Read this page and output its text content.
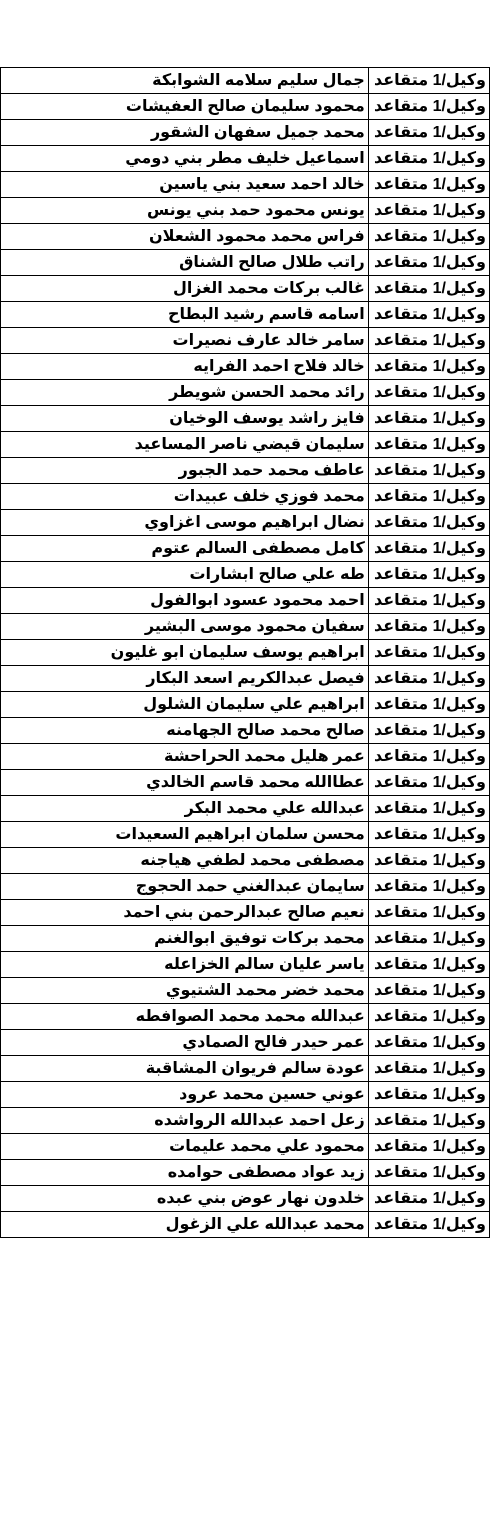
وكيل/1 متقاعد	جمال سليم سلامه الشوابكة
وكيل/1 متقاعد	محمود سليمان صالح العفيشات
وكيل/1 متقاعد	محمد جميل سفهان الشقور
وكيل/1 متقاعد	اسماعيل خليف مطر بني دومي
وكيل/1 متقاعد	خالد احمد سعيد بني ياسين
وكيل/1 متقاعد	يونس محمود حمد بني يونس
وكيل/1 متقاعد	فراس محمد محمود الشعلان
وكيل/1 متقاعد	راتب طلال صالح الشناق
وكيل/1 متقاعد	غالب بركات محمد الغزال
وكيل/1 متقاعد	اسامه قاسم رشيد البطاح
وكيل/1 متقاعد	سامر خالد عارف نصيرات
وكيل/1 متقاعد	خالد فلاح احمد الفرايه
وكيل/1 متقاعد	رائد محمد الحسن شويطر
وكيل/1 متقاعد	فايز راشد يوسف الوخيان
وكيل/1 متقاعد	سليمان قيضي ناصر المساعيد
وكيل/1 متقاعد	عاطف محمد حمد الجبور
وكيل/1 متقاعد	محمد فوزي خلف عبيدات
وكيل/1 متقاعد	نضال ابراهيم موسى اغزاوي
وكيل/1 متقاعد	كامل مصطفى السالم عتوم
وكيل/1 متقاعد	طه علي صالح ابشارات
وكيل/1 متقاعد	احمد محمود عسود ابوالفول
وكيل/1 متقاعد	سفيان محمود موسى البشير
وكيل/1 متقاعد	ابراهيم يوسف سليمان ابو غليون
وكيل/1 متقاعد	فيصل عبدالكريم اسعد البكار
وكيل/1 متقاعد	ابراهيم علي سليمان الشلول
وكيل/1 متقاعد	صالح محمد صالح الجهامنه
وكيل/1 متقاعد	عمر هليل محمد الحراحشة
وكيل/1 متقاعد	عطاالله محمد قاسم الخالدي
وكيل/1 متقاعد	عبدالله علي محمد البكر
وكيل/1 متقاعد	محسن سلمان ابراهيم السعيدات
وكيل/1 متقاعد	مصطفى محمد لطفي هياجنه
وكيل/1 متقاعد	سايمان عبدالغني حمد الحجوج
وكيل/1 متقاعد	نعيم صالح عبدالرحمن بني احمد
وكيل/1 متقاعد	محمد بركات توفيق ابوالغنم
وكيل/1 متقاعد	ياسر عليان سالم الخزاعله
وكيل/1 متقاعد	محمد خضر محمد الشتيوي
وكيل/1 متقاعد	عبدالله محمد محمد الصوافطه
وكيل/1 متقاعد	عمر حيدر فالح الصمادي
وكيل/1 متقاعد	عودة سالم فريوان المشاقبة
وكيل/1 متقاعد	عوني حسين محمد عرود
وكيل/1 متقاعد	زعل احمد عبدالله الرواشده
وكيل/1 متقاعد	محمود علي محمد عليمات
وكيل/1 متقاعد	زيد عواد مصطفى حوامده
وكيل/1 متقاعد	خلدون نهار عوض بني عبده
وكيل/1 متقاعد	محمد عبدالله علي الزغول
